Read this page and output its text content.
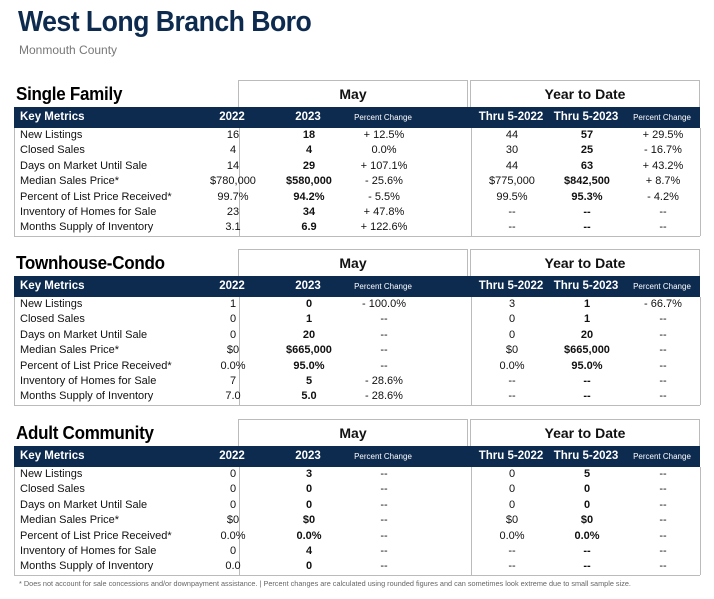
West Long Branch Boro
Monmouth County
Single Family	May	Year to Date
Key Metrics	2022	2023	Percent Change	Thru 5-2022 Thru 5-2023	Percent Change
New Listings	16	18	+ 12.5%	44	57	+ 29.5%
Closed Sales	4	4	0.0%	30	25	- 16.7%
Days on Market Until Sale	14	29	+ 107.1%	44	63	+ 43.2%
Median Sales Price*	$780,000	$580,000	- 25.6%	$775,000	$842,500	+ 8.7%
Percent of List Price Received*	99.7%	94.2%	- 5.5%	99.5%	95.3%	- 4.2%
Inventory of Homes for Sale	23	34	+ 47.8%	--	--	--
Months Supply of Inventory	3.1	6.9	+ 122.6%	--	--	--
Townhouse-Condo	May	Year to Date
Key Metrics	2022	2023	Percent Change	Thru 5-2022 Thru 5-2023	Percent Change
New Listings	1	0	- 100.0%	3	1	- 66.7%
Closed Sales	0	1	--	0	1	--
Days on Market Until Sale	0	20	--	0	20	--
Median Sales Price*	$0	$665,000	--	$0	$665,000	--
Percent of List Price Received*	0.0%	95.0%	--	0.0%	95.0%	--
Inventory of Homes for Sale	7	5	- 28.6%	--	--	--
Months Supply of Inventory	7.0	5.0	- 28.6%	--	--	--
Adult Community	May	Year to Date
Key Metrics	2022	2023	Percent Change	Thru 5-2022 Thru 5-2023	Percent Change
New Listings	0	3	--	0	5	--
Closed Sales	0	0	--	0	0	--
Days on Market Until Sale	0	0	--	0	0	--
Median Sales Price*	$0	$0	--	$0	$0	--
Percent of List Price Received*	0.0%	0.0%	--	0.0%	0.0%	--
Inventory of Homes for Sale	0	4	--	--	--	--
Months Supply of Inventory	0.0	0	--	--	--	--
* Does not account for sale concessions and/or downpayment assistance. | Percent changes are calculated using rounded figures and can sometimes look extreme due to small sample size.
